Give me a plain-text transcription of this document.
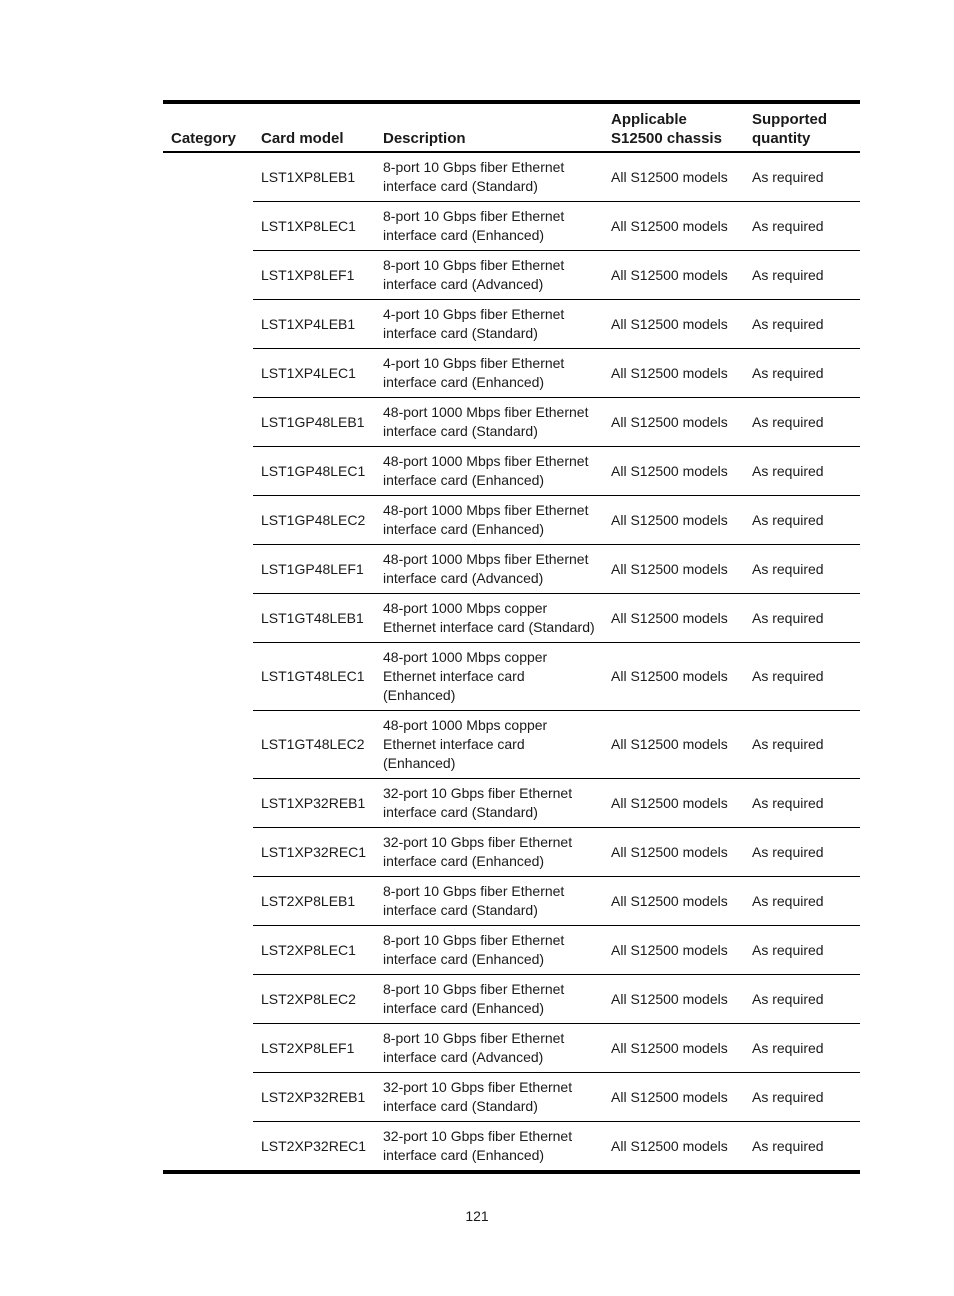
Category	Card model	Description	Applicable S12500 chassis	Supported quantity
	LST1XP8LEB1	8-port 10 Gbps fiber Ethernet interface card (Standard)	All S12500 models	As required
	LST1XP8LEC1	8-port 10 Gbps fiber Ethernet interface card (Enhanced)	All S12500 models	As required
	LST1XP8LEF1	8-port 10 Gbps fiber Ethernet interface card (Advanced)	All S12500 models	As required
	LST1XP4LEB1	4-port 10 Gbps fiber Ethernet interface card (Standard)	All S12500 models	As required
	LST1XP4LEC1	4-port 10 Gbps fiber Ethernet interface card (Enhanced)	All S12500 models	As required
	LST1GP48LEB1	48-port 1000 Mbps fiber Ethernet interface card (Standard)	All S12500 models	As required
	LST1GP48LEC1	48-port 1000 Mbps fiber Ethernet interface card (Enhanced)	All S12500 models	As required
	LST1GP48LEC2	48-port 1000 Mbps fiber Ethernet interface card (Enhanced)	All S12500 models	As required
	LST1GP48LEF1	48-port 1000 Mbps fiber Ethernet interface card (Advanced)	All S12500 models	As required
	LST1GT48LEB1	48-port 1000 Mbps copper Ethernet interface card (Standard)	All S12500 models	As required
	LST1GT48LEC1	48-port 1000 Mbps copper Ethernet interface card (Enhanced)	All S12500 models	As required
	LST1GT48LEC2	48-port 1000 Mbps copper Ethernet interface card (Enhanced)	All S12500 models	As required
	LST1XP32REB1	32-port 10 Gbps fiber Ethernet interface card (Standard)	All S12500 models	As required
	LST1XP32REC1	32-port 10 Gbps fiber Ethernet interface card (Enhanced)	All S12500 models	As required
	LST2XP8LEB1	8-port 10 Gbps fiber Ethernet interface card (Standard)	All S12500 models	As required
	LST2XP8LEC1	8-port 10 Gbps fiber Ethernet interface card (Enhanced)	All S12500 models	As required
	LST2XP8LEC2	8-port 10 Gbps fiber Ethernet interface card (Enhanced)	All S12500 models	As required
	LST2XP8LEF1	8-port 10 Gbps fiber Ethernet interface card (Advanced)	All S12500 models	As required
	LST2XP32REB1	32-port 10 Gbps fiber Ethernet interface card (Standard)	All S12500 models	As required
	LST2XP32REC1	32-port 10 Gbps fiber Ethernet interface card (Enhanced)	All S12500 models	As required
121
